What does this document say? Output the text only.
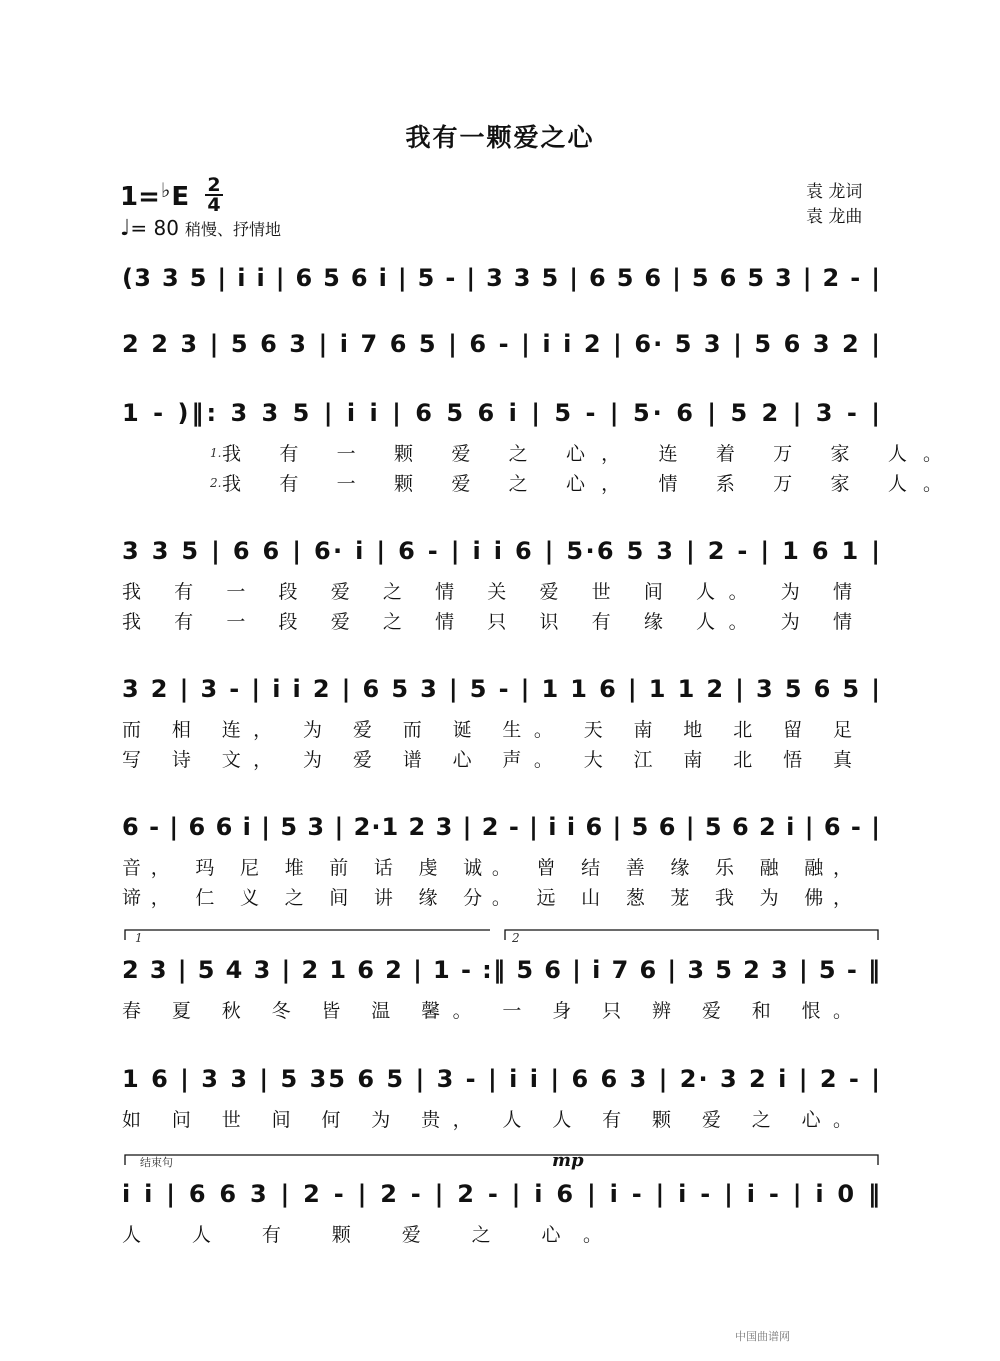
我有一颗爱之心
1=♭E 2
4
♩= 80 稍慢、抒情地
袁 龙词
袁 龙曲
(3 3 5 | i i | 6 5 6 i | 5 - | 3 3 5 | 6 5 6 | 5 6 5 3 | 2 - |
2 2 3 | 5 6 3 | i 7 6 5 | 6 - | i i 2 | 6· 5 3 | 5 6 3 2 |
1 - )‖: 3 3 5 | i i | 6 5 6 i | 5 - | 5· 6 | 5 2 | 3 - |
我 有 一 颗 爱 之 心， 连 着 万 家 人。
我 有 一 颗 爱 之 心， 情 系 万 家 人。
3 3 5 | 6 6 | 6· i | 6 - | i i 6 | 5·6 5 3 | 2 - | 1 6 1 |
我 有 一 段 爱 之 情 关 爱 世 间 人。 为 情
我 有 一 段 爱 之 情 只 识 有 缘 人。 为 情
3 2 | 3 - | i i 2 | 6 5 3 | 5 - | 1 1 6 | 1 1 2 | 3 5 6 5 |
而 相 连， 为 爱 而 诞 生。 天 南 地 北 留 足
写 诗 文， 为 爱 谱 心 声。 大 江 南 北 悟 真
6 - | 6 6 i | 5 3 | 2·1 2 3 | 2 - | i i 6 | 5 6 | 5 6 2 i | 6 - |
音， 玛 尼 堆 前 话 虔 诚。 曾 结 善 缘 乐 融 融，
谛， 仁 义 之 间 讲 缘 分。 远 山 葱 茏 我 为 佛，
2 3 | 5 4 3 | 2 1 6 2 | 1 - :‖ 5 6 | i 7 6 | 3 5 2 3 | 5 - ‖
春 夏 秋 冬 皆 温 馨。 一 身 只 辨 爱 和 恨。
1 6 | 3 3 | 5 35 6 5 | 3 - | i i | 6 6 3 | 2· 3 2 i | 2 - |
如 问 世 间 何 为 贵， 人 人 有 颗 爱 之 心。
i i | 6 6 3 | 2 - | 2 - | 2 - | i 6 | i - | i - | i - | i 0 ‖
人 人 有 颗 爱 之 心。
1	2
结束句	mp
1.
2.
中国曲谱网
